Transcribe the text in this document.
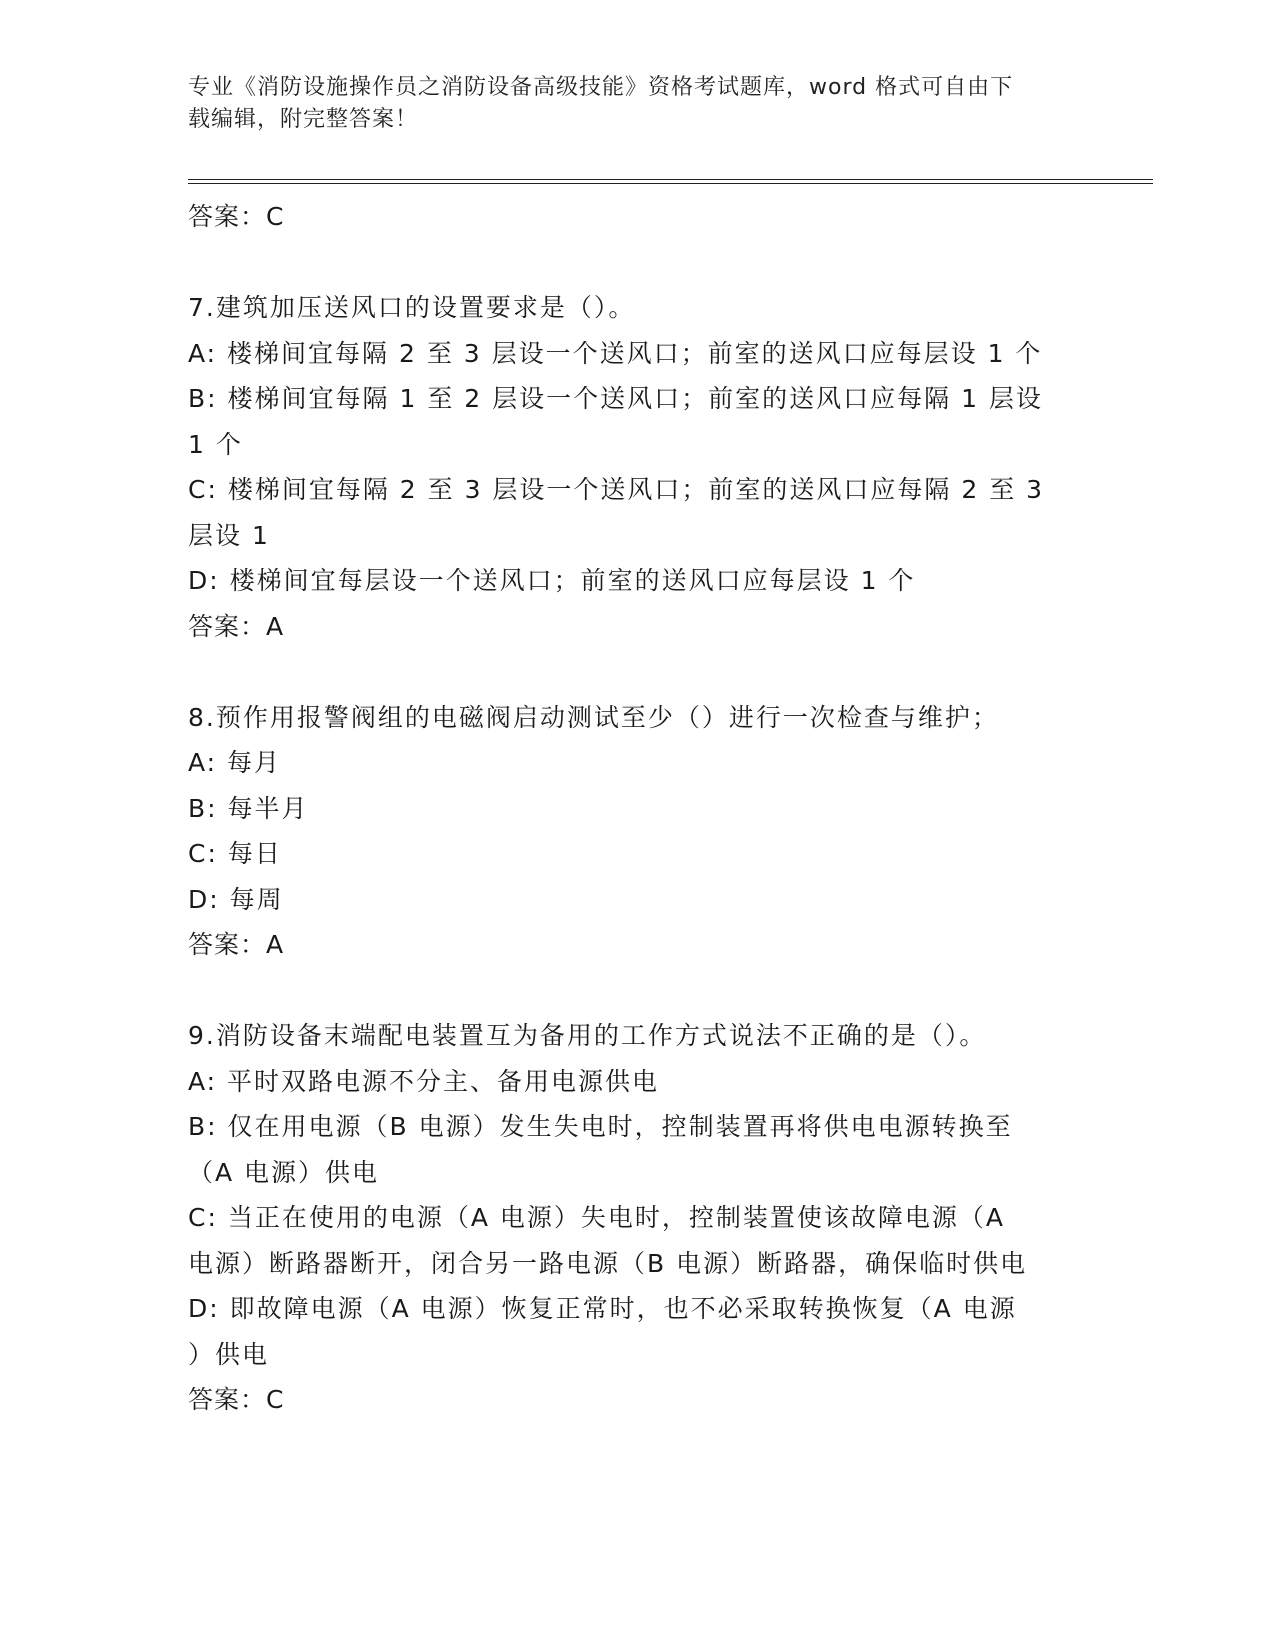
专业《消防设施操作员之消防设备高级技能》资格考试题库，word 格式可自由下
载编辑，附完整答案！
答案：C
7.建筑加压送风口的设置要求是（）。
A: 楼梯间宜每隔 2 至 3 层设一个送风口；前室的送风口应每层设 1 个
B: 楼梯间宜每隔 1 至 2 层设一个送风口；前室的送风口应每隔 1 层设
1 个
C: 楼梯间宜每隔 2 至 3 层设一个送风口；前室的送风口应每隔 2 至 3
层设 1
D: 楼梯间宜每层设一个送风口；前室的送风口应每层设 1 个
答案：A
8.预作用报警阀组的电磁阀启动测试至少（）进行一次检查与维护；
A: 每月
B: 每半月
C: 每日
D: 每周
答案：A
9.消防设备末端配电装置互为备用的工作方式说法不正确的是（）。
A: 平时双路电源不分主、备用电源供电
B: 仅在用电源（B 电源）发生失电时，控制装置再将供电电源转换至
（A 电源）供电
C: 当正在使用的电源（A 电源）失电时，控制装置使该故障电源（A
电源）断路器断开，闭合另一路电源（B 电源）断路器，确保临时供电
D: 即故障电源（A 电源）恢复正常时，也不必采取转换恢复（A 电源
）供电
答案：C
